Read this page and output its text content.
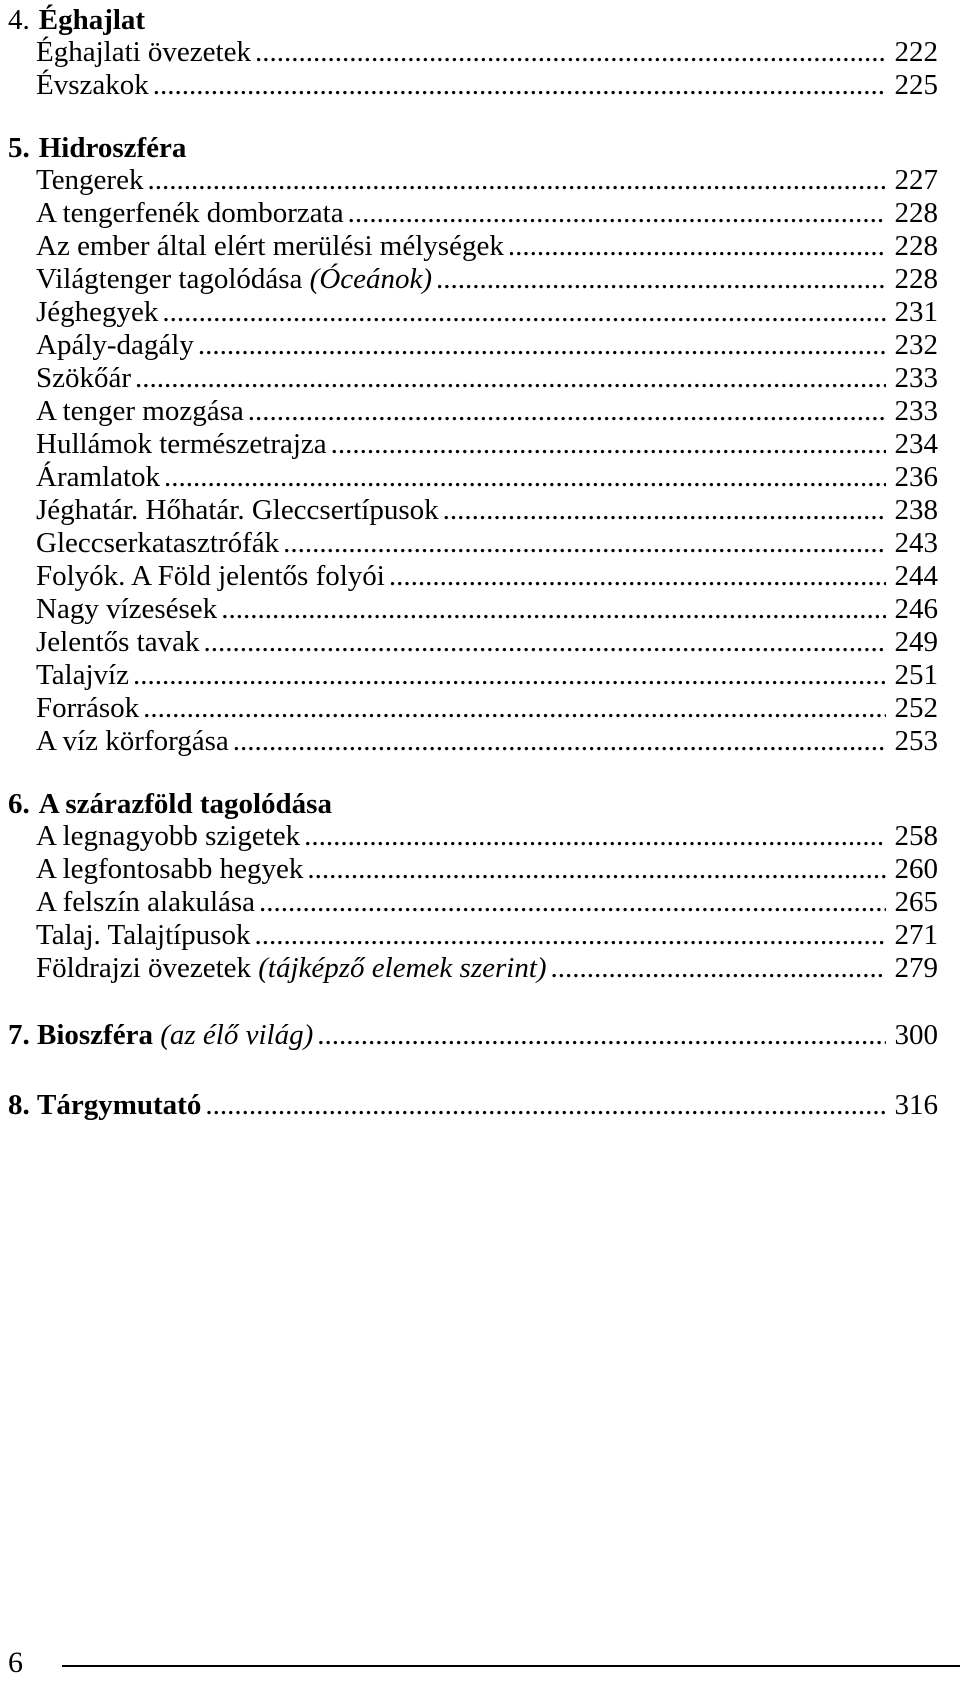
4. Éghajlat
Éghajlati övezetek .....	222
Évszakok .....	225
5. Hidroszféra
Tengerek .....	227
A tengerfenék domborzata .....	228
Az ember által elért merülési mélységek .....	228
Világtenger tagolódása (Óceánok) .....	228
Jéghegyek .....	231
Apály-dagály .....	232
Szökőár .....	233
A tenger mozgása .....	233
Hullámok természetrajza .....	234
Áramlatok .....	236
Jéghatár. Hőhatár. Gleccsertípusok .....	238
Gleccserkatasztrófák .....	243
Folyók. A Föld jelentős folyói .....	244
Nagy vízesések .....	246
Jelentős tavak .....	249
Talajvíz .....	251
Források .....	252
A víz körforgása .....	253
6. A szárazföld tagolódása
A legnagyobb szigetek .....	258
A legfontosabb hegyek .....	260
A felszín alakulása .....	265
Talaj. Talajtípusok .....	271
Földrajzi övezetek (tájképző elemek szerint) .....	279
7. Bioszféra (az élő világ) .....	300
8. Tárgymutató .....	316
6
